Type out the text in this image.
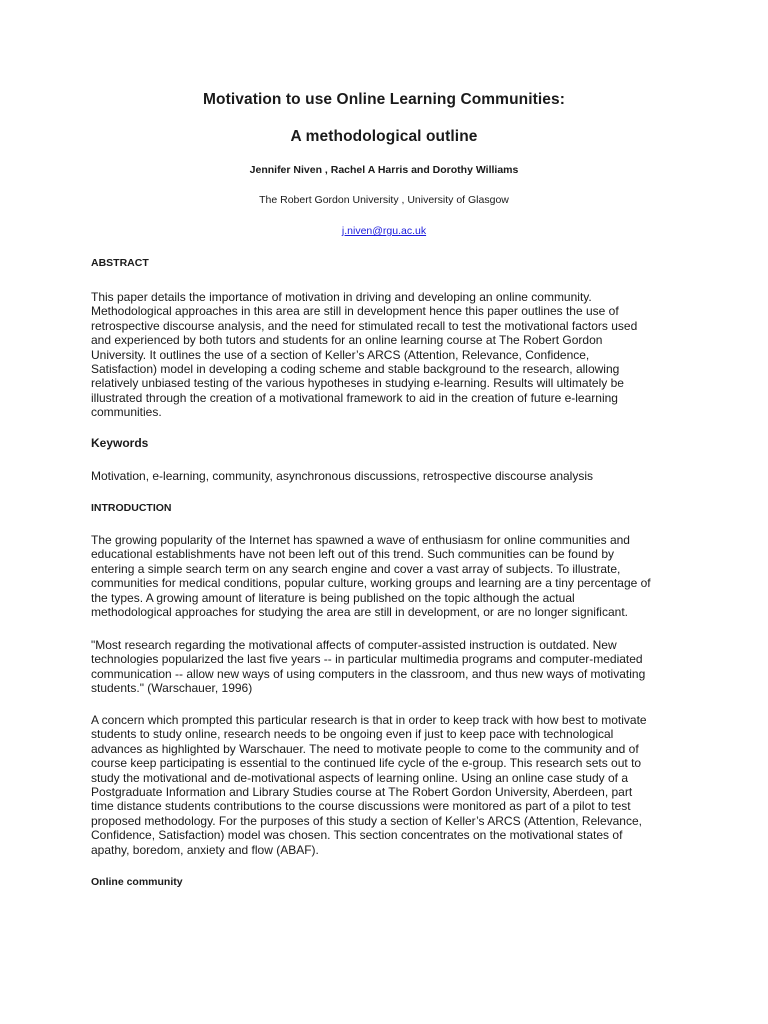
Motivation to use Online Learning Communities:
A methodological outline
Jennifer Niven , Rachel A Harris and Dorothy Williams
The Robert Gordon University , University of Glasgow
j.niven@rgu.ac.uk
ABSTRACT
This paper details the importance of motivation in driving and developing an online community.
Methodological approaches in this area are still in development hence this paper outlines the use of
retrospective discourse analysis, and the need for stimulated recall to test the motivational factors used
and experienced by both tutors and students for an online learning course at The Robert Gordon
University. It outlines the use of a section of Keller’s ARCS (Attention, Relevance, Confidence,
Satisfaction) model in developing a coding scheme and stable background to the research, allowing
relatively unbiased testing of the various hypotheses in studying e-learning. Results will ultimately be
illustrated through the creation of a motivational framework to aid in the creation of future e-learning
communities.
Keywords
Motivation, e-learning, community, asynchronous discussions, retrospective discourse analysis
INTRODUCTION
The growing popularity of the Internet has spawned a wave of enthusiasm for online communities and
educational establishments have not been left out of this trend. Such communities can be found by
entering a simple search term on any search engine and cover a vast array of subjects. To illustrate,
communities for medical conditions, popular culture, working groups and learning are a tiny percentage of
the types. A growing amount of literature is being published on the topic although the actual
methodological approaches for studying the area are still in development, or are no longer significant.
"Most research regarding the motivational affects of computer-assisted instruction is outdated. New
technologies popularized the last five years -- in particular multimedia programs and computer-mediated
communication -- allow new ways of using computers in the classroom, and thus new ways of motivating
students." (Warschauer, 1996)
A concern which prompted this particular research is that in order to keep track with how best to motivate
students to study online, research needs to be ongoing even if just to keep pace with technological
advances as highlighted by Warschauer. The need to motivate people to come to the community and of
course keep participating is essential to the continued life cycle of the e-group. This research sets out to
study the motivational and de-motivational aspects of learning online. Using an online case study of a
Postgraduate Information and Library Studies course at The Robert Gordon University, Aberdeen, part
time distance students contributions to the course discussions were monitored as part of a pilot to test
proposed methodology. For the purposes of this study a section of Keller’s ARCS (Attention, Relevance,
Confidence, Satisfaction) model was chosen. This section concentrates on the motivational states of
apathy, boredom, anxiety and flow (ABAF).
Online community
